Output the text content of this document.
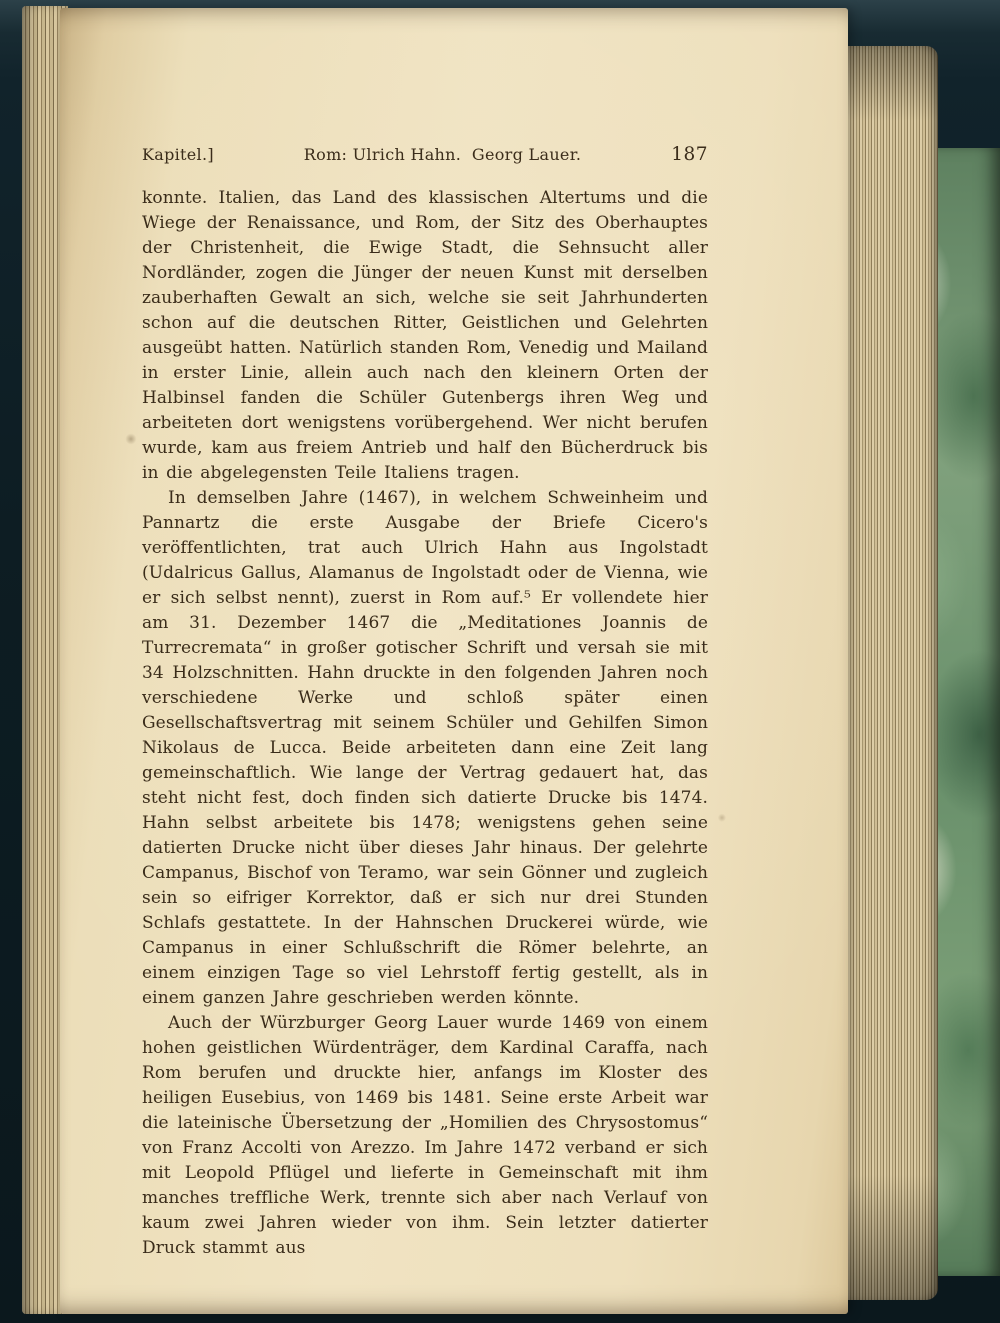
Kapitel.]	Rom: Ulrich Hahn.  Georg Lauer.	187

konnte. Italien, das Land des klassischen Altertums und die Wiege der Renaissance, und Rom, der Sitz des Oberhauptes der Christenheit, die Ewige Stadt, die Sehnsucht aller Nordländer, zogen die Jünger der neuen Kunst mit derselben zauberhaften Gewalt an sich, welche sie seit Jahrhunderten schon auf die deutschen Ritter, Geistlichen und Gelehrten ausgeübt hatten. Natürlich standen Rom, Venedig und Mailand in erster Linie, allein auch nach den kleinern Orten der Halbinsel fanden die Schüler Gutenbergs ihren Weg und arbeiteten dort wenigstens vorübergehend. Wer nicht berufen wurde, kam aus freiem Antrieb und half den Bücherdruck bis in die abgelegensten Teile Italiens tragen.

In demselben Jahre (1467), in welchem Schweinheim und Pannartz die erste Ausgabe der Briefe Cicero's veröffentlichten, trat auch Ulrich Hahn aus Ingolstadt (Udalricus Gallus, Alamanus de Ingolstadt oder de Vienna, wie er sich selbst nennt), zuerst in Rom auf.⁵ Er vollendete hier am 31. Dezember 1467 die „Meditationes Joannis de Turrecremata“ in großer gotischer Schrift und versah sie mit 34 Holzschnitten. Hahn druckte in den folgenden Jahren noch verschiedene Werke und schloß später einen Gesellschaftsvertrag mit seinem Schüler und Gehilfen Simon Nikolaus de Lucca. Beide arbeiteten dann eine Zeit lang gemeinschaftlich. Wie lange der Vertrag gedauert hat, das steht nicht fest, doch finden sich datierte Drucke bis 1474. Hahn selbst arbeitete bis 1478; wenigstens gehen seine datierten Drucke nicht über dieses Jahr hinaus. Der gelehrte Campanus, Bischof von Teramo, war sein Gönner und zugleich sein so eifriger Korrektor, daß er sich nur drei Stunden Schlafs gestattete. In der Hahnschen Druckerei würde, wie Campanus in einer Schlußschrift die Römer belehrte, an einem einzigen Tage so viel Lehrstoff fertig gestellt, als in einem ganzen Jahre geschrieben werden könnte.

Auch der Würzburger Georg Lauer wurde 1469 von einem hohen geistlichen Würdenträger, dem Kardinal Caraffa, nach Rom berufen und druckte hier, anfangs im Kloster des heiligen Eusebius, von 1469 bis 1481. Seine erste Arbeit war die lateinische Übersetzung der „Homilien des Chrysostomus“ von Franz Accolti von Arezzo. Im Jahre 1472 verband er sich mit Leopold Pflügel und lieferte in Gemeinschaft mit ihm manches treffliche Werk, trennte sich aber nach Verlauf von kaum zwei Jahren wieder von ihm. Sein letzter datierter Druck stammt aus
